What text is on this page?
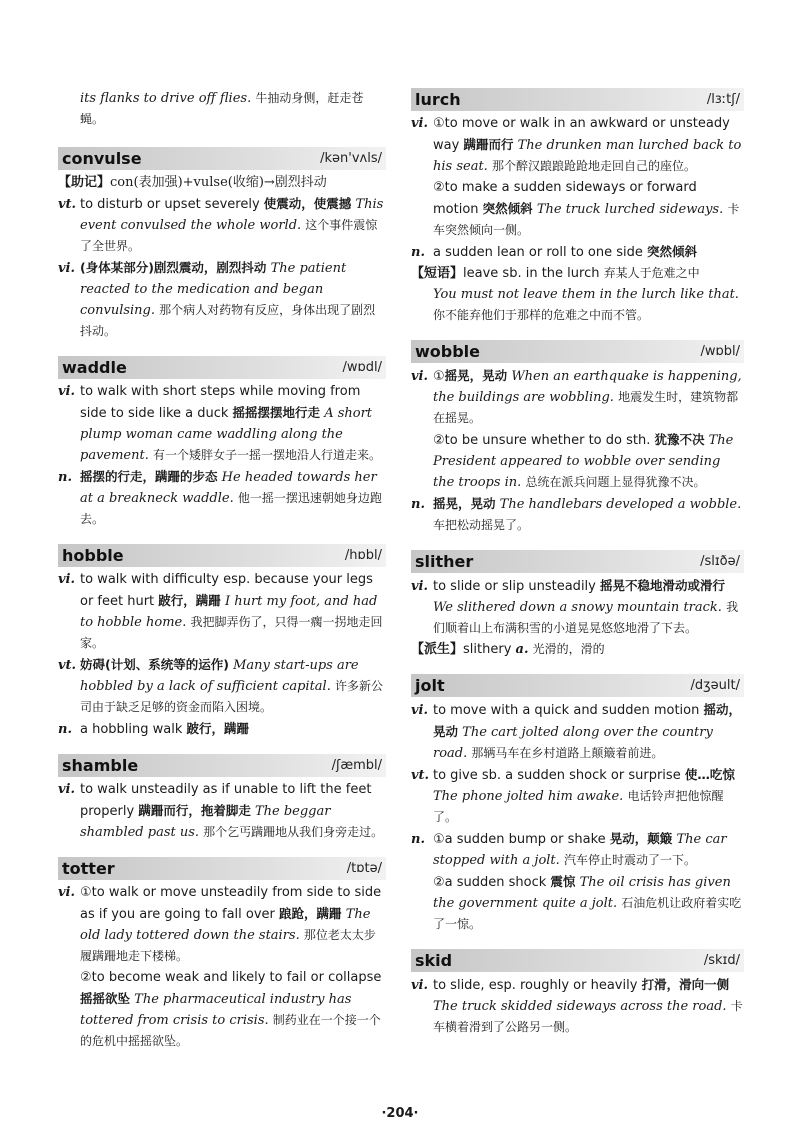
its flanks to drive off flies. 牛抽动身侧，赶走苍蝇。
convulse	/kən'vʌls/

【助记】con(表加强)+vulse(收缩)→剧烈抖动

vt. to disturb or upset severely 使震动，使震撼 This event convulsed the whole world. 这个事件震惊了全世界。

vi. (身体某部分)剧烈震动，剧烈抖动 The patient reacted to the medication and began convulsing. 那个病人对药物有反应，身体出现了剧烈抖动。

waddle	/wɒdl/

vi. to walk with short steps while moving from side to side like a duck 摇摇摆摆地行走 A short plump woman came waddling along the pavement. 有一个矮胖女子一摇一摆地沿人行道走来。

n. 摇摆的行走，蹒跚的步态 He headed towards her at a breakneck waddle. 他一摇一摆迅速朝她身边跑去。

hobble	/hɒbl/

vi. to walk with difficulty esp. because your legs or feet hurt 跛行，蹒跚 I hurt my foot, and had to hobble home. 我把脚弄伤了，只得一瘸一拐地走回家。

vt. 妨碍(计划、系统等的运作) Many start-ups are hobbled by a lack of sufficient capital. 许多新公司由于缺乏足够的资金而陷入困境。

n. a hobbling walk 跛行，蹒跚

shamble	/ʃæmbl/

vi. to walk unsteadily as if unable to lift the feet properly 蹒跚而行，拖着脚走 The beggar shambled past us. 那个乞丐蹒跚地从我们身旁走过。

totter	/tɒtə/

vi. ①to walk or move unsteadily from side to side as if you are going to fall over 踉跄，蹒跚 The old lady tottered down the stairs. 那位老太太步履蹒跚地走下楼梯。

②to become weak and likely to fail or collapse 摇摇欲坠 The pharmaceutical industry has tottered from crisis to crisis. 制药业在一个接一个的危机中摇摇欲坠。

lurch	/lɜːtʃ/

vi. ①to move or walk in an awkward or unsteady way 蹒跚而行 The drunken man lurched back to his seat. 那个醉汉踉踉跄跄地走回自己的座位。

②to make a sudden sideways or forward motion 突然倾斜 The truck lurched sideways. 卡车突然倾向一侧。

n. a sudden lean or roll to one side 突然倾斜

【短语】leave sb. in the lurch 弃某人于危难之中

You must not leave them in the lurch like that. 你不能弃他们于那样的危难之中而不管。

wobble	/wɒbl/

vi. ①摇晃，晃动 When an earthquake is happening, the buildings are wobbling. 地震发生时，建筑物都在摇晃。

②to be unsure whether to do sth. 犹豫不决 The President appeared to wobble over sending the troops in. 总统在派兵问题上显得犹豫不决。

n. 摇晃，晃动 The handlebars developed a wobble. 车把松动摇晃了。

slither	/slɪðə/

vi. to slide or slip unsteadily 摇晃不稳地滑动或滑行 We slithered down a snowy mountain track. 我们顺着山上布满积雪的小道晃晃悠悠地滑了下去。

【派生】slithery a. 光滑的，滑的

jolt	/dʒəult/

vi. to move with a quick and sudden motion 摇动，晃动 The cart jolted along over the country road. 那辆马车在乡村道路上颠簸着前进。

vt. to give sb. a sudden shock or surprise 使…吃惊 The phone jolted him awake. 电话铃声把他惊醒了。

n. ①a sudden bump or shake 晃动，颠簸 The car stopped with a jolt. 汽车停止时震动了一下。

②a sudden shock 震惊 The oil crisis has given the government quite a jolt. 石油危机让政府着实吃了一惊。

skid	/skɪd/

vi. to slide, esp. roughly or heavily 打滑，滑向一侧 The truck skidded sideways across the road. 卡车横着滑到了公路另一侧。

·204·
